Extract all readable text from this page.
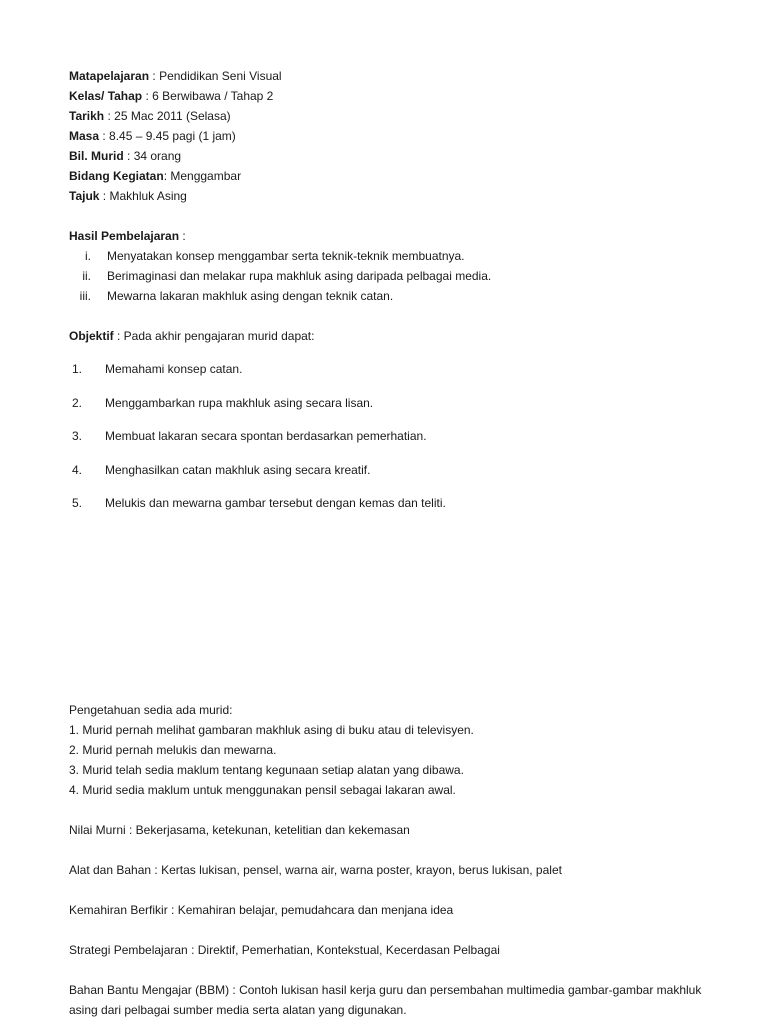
Matapelajaran : Pendidikan Seni Visual
Kelas/ Tahap : 6 Berwibawa / Tahap 2
Tarikh : 25 Mac 2011 (Selasa)
Masa : 8.45 – 9.45 pagi (1 jam)
Bil. Murid : 34 orang
Bidang Kegiatan: Menggambar
Tajuk : Makhluk Asing
Hasil Pembelajaran :
i. Menyatakan konsep menggambar serta teknik-teknik membuatnya.
ii. Berimaginasi dan melakar rupa makhluk asing daripada pelbagai media.
iii. Mewarna lakaran makhluk asing dengan teknik catan.
Objektif : Pada akhir pengajaran murid dapat:
1. Memahami konsep catan.
2. Menggambarkan rupa makhluk asing secara lisan.
3. Membuat lakaran secara spontan berdasarkan pemerhatian.
4. Menghasilkan catan makhluk asing secara kreatif.
5. Melukis dan mewarna gambar tersebut dengan kemas dan teliti.
Pengetahuan sedia ada murid:
1. Murid pernah melihat gambaran makhluk asing di buku atau di televisyen.
2. Murid pernah melukis dan mewarna.
3. Murid telah sedia maklum tentang kegunaan setiap alatan yang dibawa.
4. Murid sedia maklum untuk menggunakan pensil sebagai lakaran awal.
Nilai Murni : Bekerjasama, ketekunan, ketelitian dan kekemasan
Alat dan Bahan : Kertas lukisan, pensel, warna air, warna poster, krayon, berus lukisan, palet
Kemahiran Berfikir : Kemahiran belajar, pemudahcara dan menjana idea
Strategi Pembelajaran : Direktif, Pemerhatian, Kontekstual, Kecerdasan Pelbagai
Bahan Bantu Mengajar (BBM) : Contoh lukisan hasil kerja guru dan persembahan multimedia gambar-gambar makhluk asing dari pelbagai sumber media serta alatan yang digunakan.
